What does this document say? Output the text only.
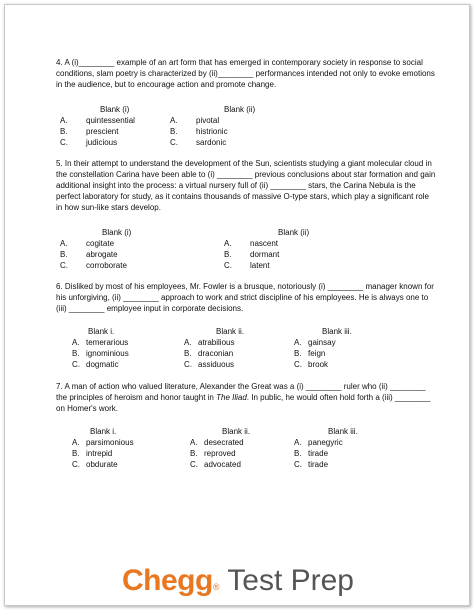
4. A (i)________ example of an art form that has emerged in contemporary society in response to social conditions, slam poetry is characterized by (ii)________ performances intended not only to evoke emotions in the audience, but to encourage action and promote change.

Blank (i)
A. quintessential
B. prescient
C. judicious
Blank (ii)
A. pivotal
B. histrionic
C. sardonic

5. In their attempt to understand the development of the Sun, scientists studying a giant molecular cloud in the constellation Carina have been able to (i) ________ previous conclusions about star formation and gain additional insight into the process: a virtual nursery full of (ii) ________ stars, the Carina Nebula is the perfect laboratory for study, as it contains thousands of massive O-type stars, which play a significant role in how sun-like stars develop.

Blank (i)
A. cogitate
B. abrogate
C. corroborate
Blank (ii)
A. nascent
B. dormant
C. latent

6. Disliked by most of his employees, Mr. Fowler is a brusque, notoriously (i) ________ manager known for his unforgiving, (ii) ________ approach to work and strict discipline of his employees. He is always one to (iii) ________ employee input in corporate decisions.

Blank i.
A. temerarious
B. ignominious
C. dogmatic
Blank ii.
A. atrabilious
B. draconian
C. assiduous
Blank iii.
A. gainsay
B. feign
C. brook

7. A man of action who valued literature, Alexander the Great was a (i) ________ ruler who (ii) ________ the principles of heroism and honor taught in The Iliad. In public, he would often hold forth a (iii) ________ on Homer's work.

Blank i.
A. parsimonious
B. intrepid
C. obdurate
Blank ii.
A. desecrated
B. reproved
C. advocated
Blank iii.
A. panegyric
B. tirade
C. tirade
Chegg® Test Prep
